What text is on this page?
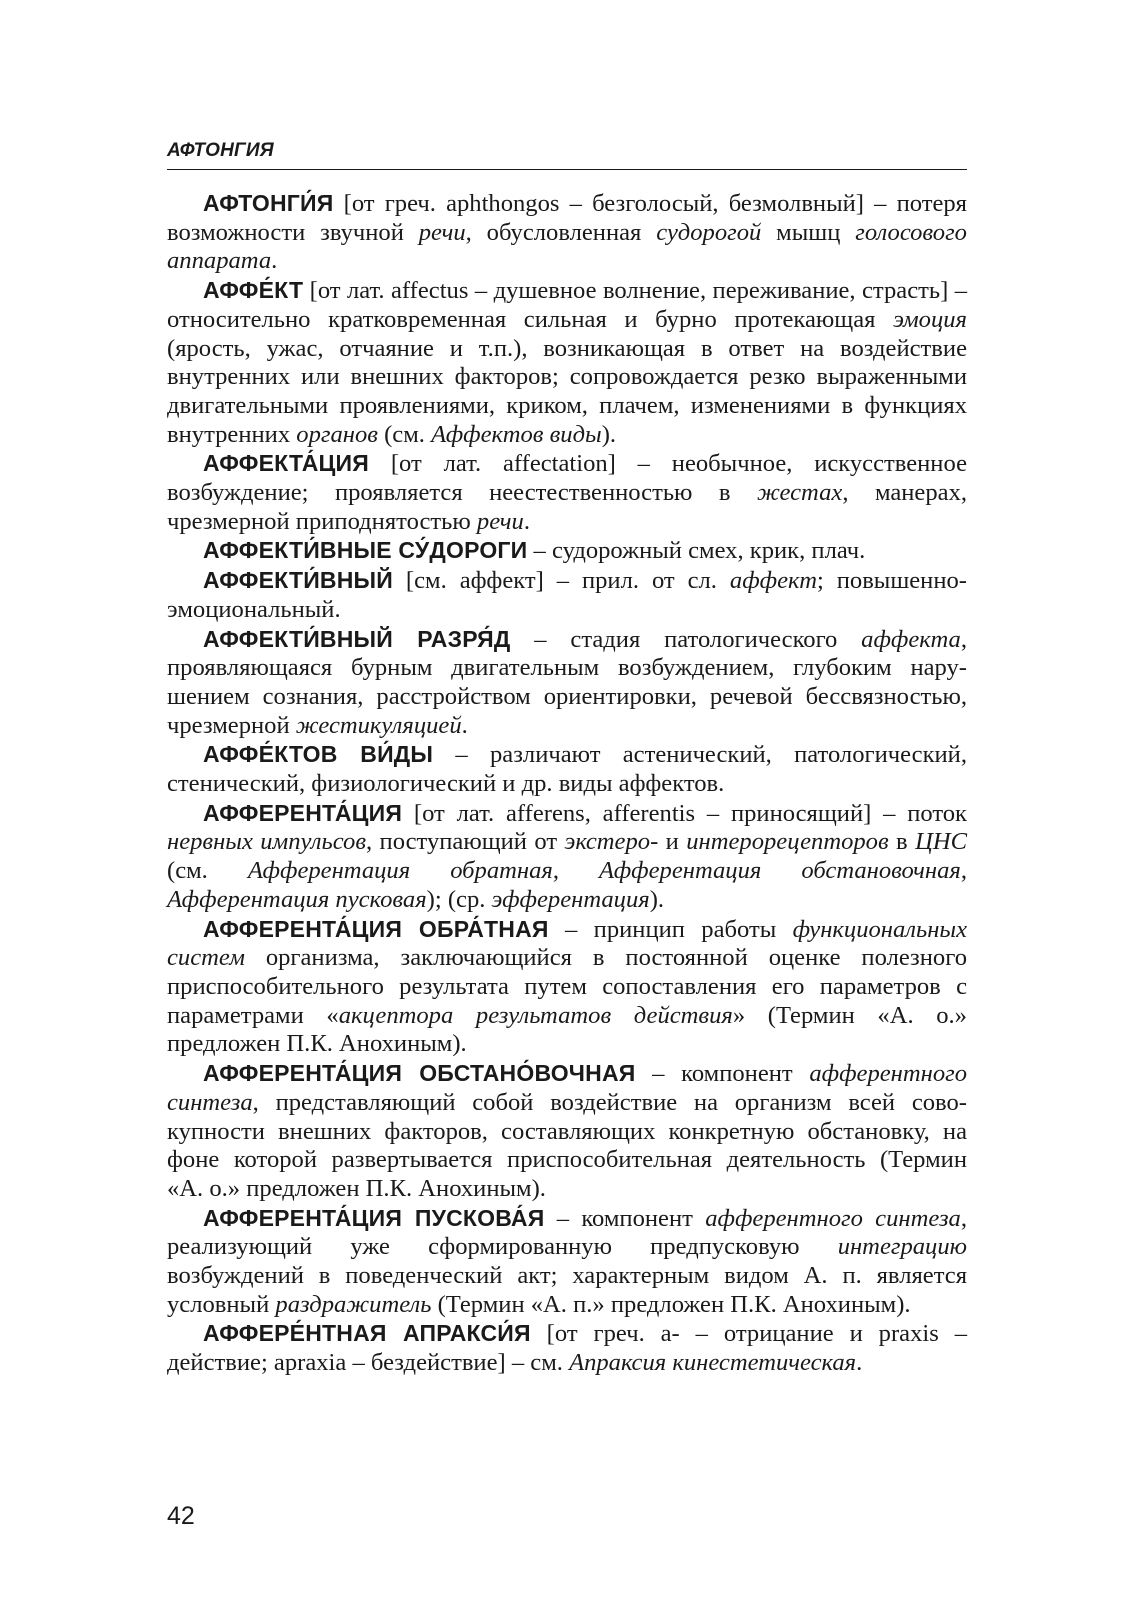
АФТОНГИЯ

АФТОНГИ́Я [от греч. aphthongos – безголосый, безмолвный] – потеря возможности звучной речи, обусловленная судорогой мышц голосового аппарата.

АФФЕ́КТ [от лат. affectus – душевное волнение, переживание, страсть] – относительно кратковременная сильная и бурно протекающая эмоция (ярость, ужас, отчаяние и т.п.), возникающая в ответ на воздействие внутренних или внешних факторов; сопровождается резко выраженными двигательными проявлениями, криком, плачем, изменениями в функциях внутренних органов (см. Аффектов виды).

АФФЕКТА́ЦИЯ [от лат. affectation] – необычное, искусственное возбуждение; проявляется неестественностью в жестах, манерах, чрезмерной приподнятостью речи.

АФФЕКТИ́ВНЫЕ СУ́ДОРОГИ – судорожный смех, крик, плач.

АФФЕКТИ́ВНЫЙ [см. аффект] – прил. от сл. аффект; повышенно-эмоциональный.

АФФЕКТИ́ВНЫЙ РАЗРЯ́Д – стадия патологического аффекта, проявляющаяся бурным двигательным возбуждением, глубоким нарушением сознания, расстройством ориентировки, речевой бессвязностью, чрезмерной жестикуляцией.

АФФЕ́КТОВ ВИ́ДЫ – различают астенический, патологический, стенический, физиологический и др. виды аффектов.

АФФЕРЕНТА́ЦИЯ [от лат. afferens, afferentis – приносящий] – поток нервных импульсов, поступающий от экстеро- и интерорецепторов в ЦНС (см. Афферентация обратная, Афферентация обстановочная, Афферентация пусковая); (ср. эфферентация).

АФФЕРЕНТА́ЦИЯ ОБРА́ТНАЯ – принцип работы функциональных систем организма, заключающийся в постоянной оценке полезного приспособительного результата путем сопоставления его параметров с параметрами «акцептора результатов действия» (Термин «А. о.» предложен П.К. Анохиным).

АФФЕРЕНТА́ЦИЯ ОБСТАНО́ВОЧНАЯ – компонент афферентного синтеза, представляющий собой воздействие на организм всей совокупности внешних факторов, составляющих конкретную обстановку, на фоне которой развертывается приспособительная деятельность (Термин «А. о.» предложен П.К. Анохиным).

АФФЕРЕНТА́ЦИЯ ПУСКОВА́Я – компонент афферентного синтеза, реализующий уже сформированную предпусковую интеграцию возбуждений в поведенческий акт; характерным видом А. п. является условный раздражитель (Термин «А. п.» предложен П.К. Анохиным).

АФФЕРЕ́НТНАЯ АПРАКСИ́Я [от греч. а- – отрицание и praxis – действие; apraxia – бездействие] – см. Апраксия кинестетическая.

42
